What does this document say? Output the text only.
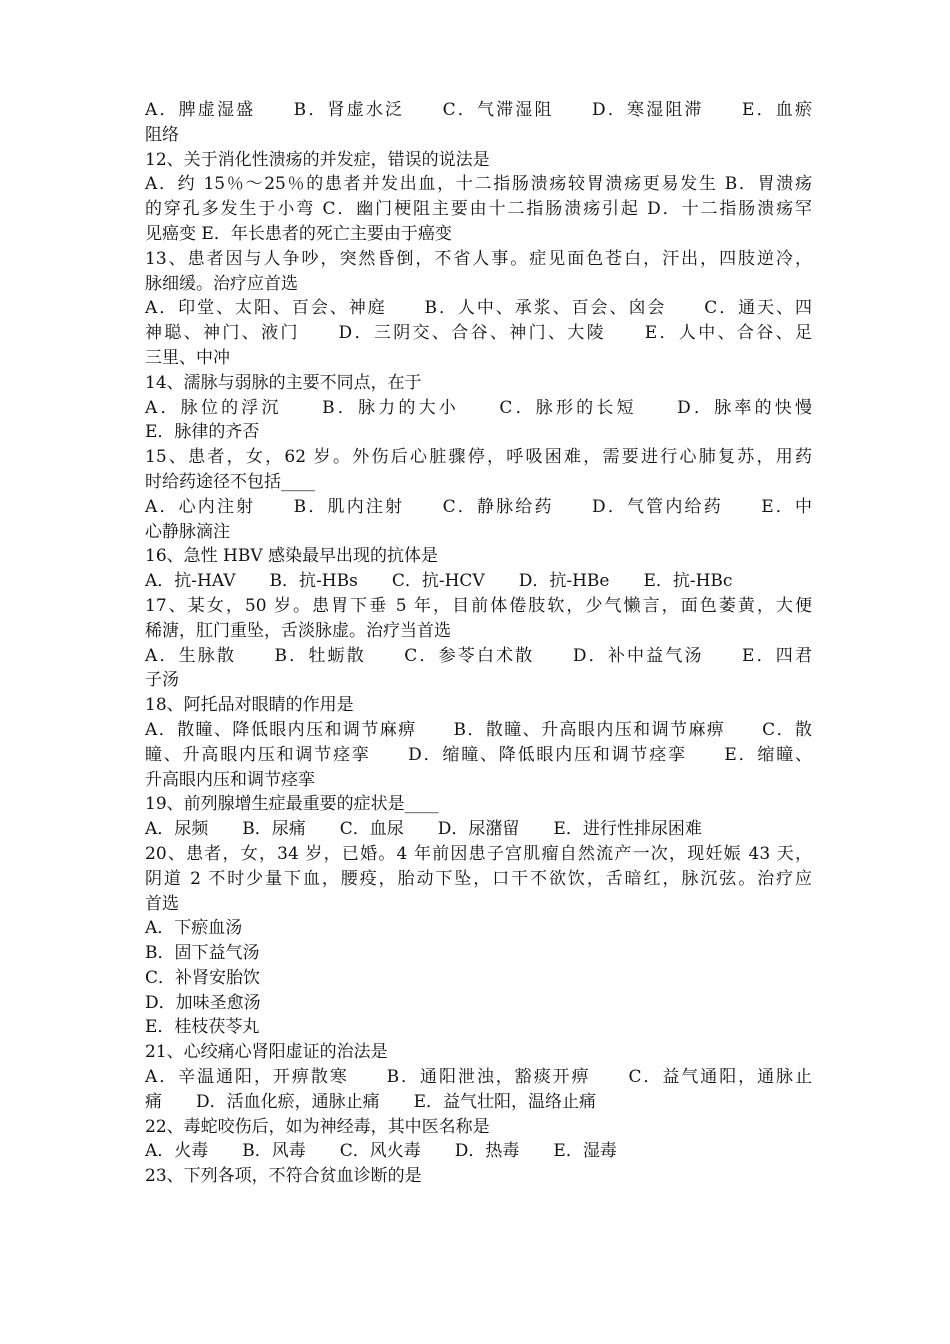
A．脾虚湿盛　　B．肾虚水泛　　C．气滞湿阻　　D．寒湿阻滞　　E．血瘀
阻络
12、关于消化性溃疡的并发症，错误的说法是
A．约 15％～25％的患者并发出血，十二指肠溃疡较胃溃疡更易发生 B．胃溃疡
的穿孔多发生于小弯 C．幽门梗阻主要由十二指肠溃疡引起 D．十二指肠溃疡罕
见癌变 E．年长患者的死亡主要由于癌变
13、患者因与人争吵，突然昏倒，不省人事。症见面色苍白，汗出，四肢逆冷，
脉细缓。治疗应首选
A．印堂、太阳、百会、神庭　　B．人中、承浆、百会、囟会　　C．通天、四
神聪、神门、液门　　D．三阴交、合谷、神门、大陵　　E．人中、合谷、足
三里、中冲
14、濡脉与弱脉的主要不同点，在于
A．脉位的浮沉　　B．脉力的大小　　C．脉形的长短　　D．脉率的快慢
E．脉律的齐否
15、患者，女，62 岁。外伤后心脏骤停，呼吸困难，需要进行心肺复苏，用药
时给药途径不包括____
A．心内注射　　B．肌内注射　　C．静脉给药　　D．气管内给药　　E．中
心静脉滴注
16、急性 HBV 感染最早出现的抗体是
A．抗-HAV　　B．抗-HBs　　C．抗-HCV　　D．抗-HBe　　E．抗-HBc
17、某女，50 岁。患胃下垂 5 年，目前体倦肢软，少气懒言，面色萎黄，大便
稀溏，肛门重坠，舌淡脉虚。治疗当首选
A．生脉散　　B．牡蛎散　　C．参苓白术散　　D．补中益气汤　　E．四君
子汤
18、阿托品对眼睛的作用是
A．散瞳、降低眼内压和调节麻痹　　B．散瞳、升高眼内压和调节麻痹　　C．散
瞳、升高眼内压和调节痉挛　　D．缩瞳、降低眼内压和调节痉挛　　E．缩瞳、
升高眼内压和调节痉挛
19、前列腺增生症最重要的症状是____
A．尿频　　B．尿痛　　C．血尿　　D．尿潴留　　E．进行性排尿困难
20、患者，女，34 岁，已婚。4 年前因患子宫肌瘤自然流产一次，现妊娠 43 天，
阴道 2 不时少量下血，腰疫，胎动下坠，口干不欲饮，舌暗红，脉沉弦。治疗应
首选
A．下瘀血汤
B．固下益气汤
C．补肾安胎饮
D．加味圣愈汤
E．桂枝茯苓丸
21、心绞痛心肾阳虚证的治法是
A．辛温通阳，开痹散寒　　B．通阳泄浊，豁痰开痹　　C．益气通阳，通脉止
痛　　D．活血化瘀，通脉止痛　　E．益气壮阳，温络止痛
22、毒蛇咬伤后，如为神经毒，其中医名称是
A．火毒　　B．风毒　　C．风火毒　　D．热毒　　E．湿毒
23、下列各项，不符合贫血诊断的是
